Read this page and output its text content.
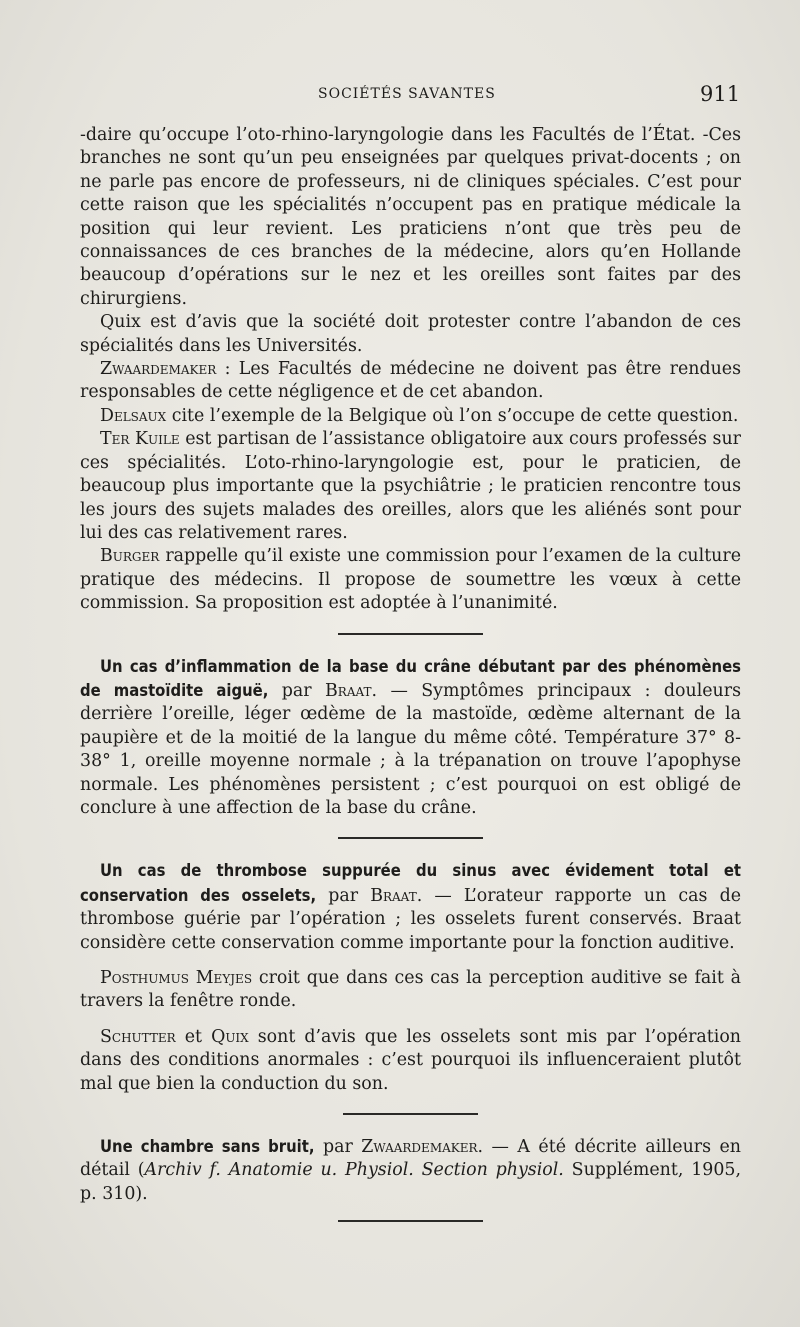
SOCIÉTÉS SAVANTES	911

-daire qu’occupe l’oto-rhino-laryngologie dans les Facultés de l’État. -Ces branches ne sont qu’un peu enseignées par quelques privat-docents ; on ne parle pas encore de professeurs, ni de cliniques spéciales. C’est pour cette raison que les spécialités n’occupent pas en pratique médicale la position qui leur revient. Les praticiens n’ont que très peu de connaissances de ces branches de la médecine, alors qu’en Hollande beaucoup d’opérations sur le nez et les oreilles sont faites par des chirurgiens.

Quix est d’avis que la société doit protester contre l’abandon de ces spécialités dans les Universités.

Zwaardemaker : Les Facultés de médecine ne doivent pas être rendues responsables de cette négligence et de cet abandon.

Delsaux cite l’exemple de la Belgique où l’on s’occupe de cette question.

Ter Kuile est partisan de l’assistance obligatoire aux cours professés sur ces spécialités. L’oto-rhino-laryngologie est, pour le praticien, de beaucoup plus importante que la psychiâtrie ; le praticien rencontre tous les jours des sujets malades des oreilles, alors que les aliénés sont pour lui des cas relativement rares.

Burger rappelle qu’il existe une commission pour l’examen de la culture pratique des médecins. Il propose de soumettre les vœux à cette commission. Sa proposition est adoptée à l’unanimité.

Un cas d’inflammation de la base du crâne débutant par des phénomènes de mastoïdite aiguë, par Braat. — Symptômes principaux : douleurs derrière l’oreille, léger œdème de la mastoïde, œdème alternant de la paupière et de la moitié de la langue du même côté. Température 37° 8-38° 1, oreille moyenne normale ; à la trépanation on trouve l’apophyse normale. Les phénomènes persistent ; c’est pourquoi on est obligé de conclure à une affection de la base du crâne.

Un cas de thrombose suppurée du sinus avec évidement total et conservation des osselets, par Braat. — L’orateur rapporte un cas de thrombose guérie par l’opération ; les osselets furent conservés. Braat considère cette conservation comme importante pour la fonction auditive.

Posthumus Meyjes croit que dans ces cas la perception auditive se fait à travers la fenêtre ronde.

Schutter et Quix sont d’avis que les osselets sont mis par l’opération dans des conditions anormales : c’est pourquoi ils influenceraient plutôt mal que bien la conduction du son.

Une chambre sans bruit, par Zwaardemaker. — A été décrite ailleurs en détail (Archiv f. Anatomie u. Physiol. Section physiol. Supplément, 1905, p. 310).
